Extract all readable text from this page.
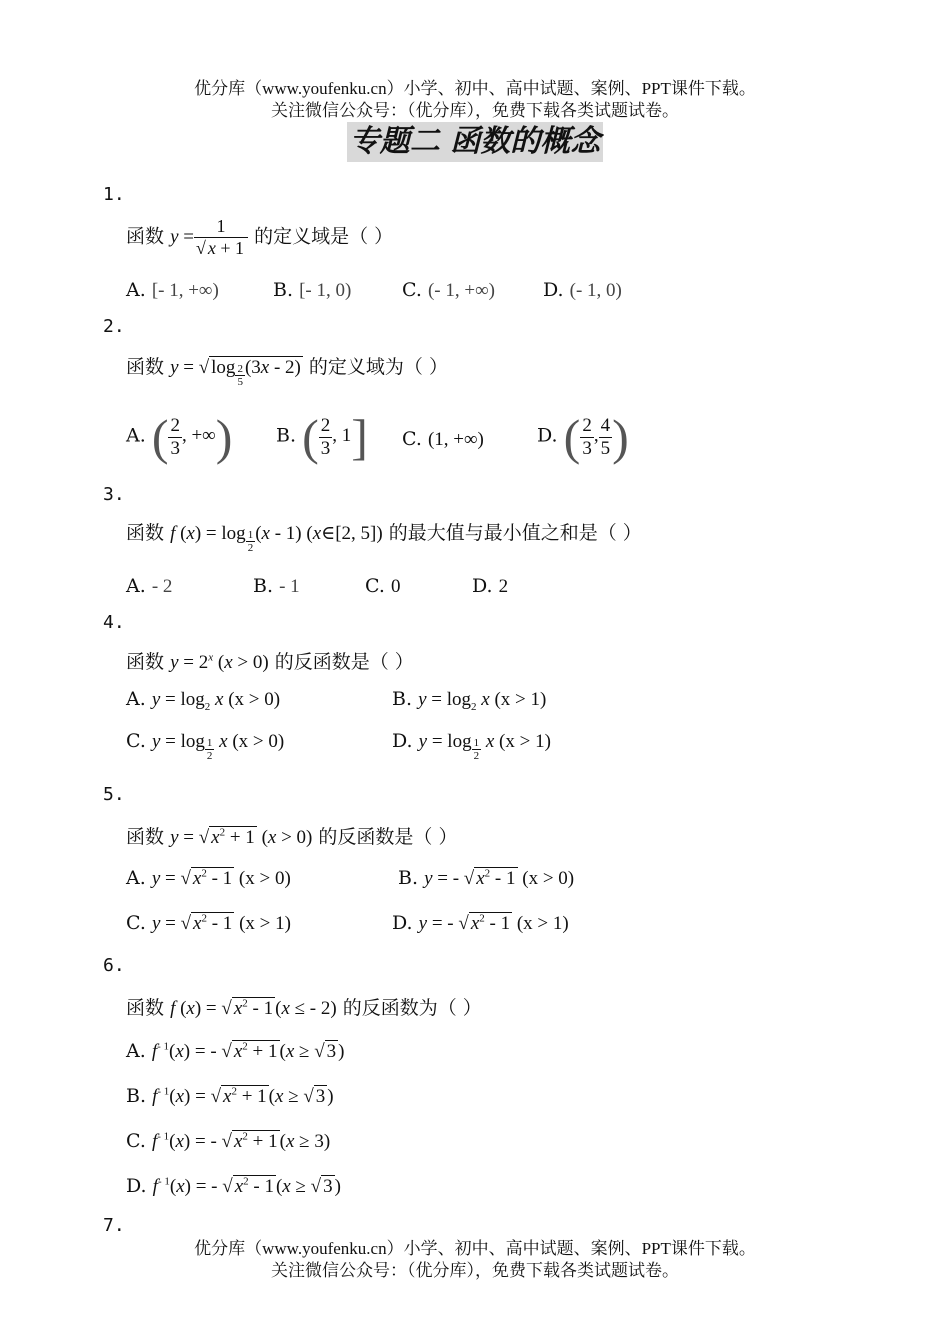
优分库（www.youfenku.cn）小学、初中、高中试题、案例、PPT课件下载。
关注微信公众号：（优分库），免费下载各类试题试卷。
专题二 函数的概念
1.
函数 $y = \frac{1}{√ x + 1}$ 的定义域是（ ）
A. [- 1, +∞)	B. [- 1, 0)	C. (- 1, +∞)	D. (- 1, 0)
2.
函数 y = √ log $_{\frac{2}{5}}$ (3x - 2) 的定义域为（ ）
A. ( $\frac{2}{3}$ , +∞) B. ( $\frac{2}{3}$ , 1] C. (1, +∞)	D. ( $\frac{2}{3}$ , $\frac{4}{5}$ )
3.
函数 f (x) = log $_{\frac{1}{2}}$ (x - 1) (x∈[2, 5]) 的最大值与最小值之和是（ ）
A. - 2	B. - 1	C. 0	D. 2
4.
函数 $y = 2^x$ (x > 0) 的反函数是（ ）
A. $y = \log_2 x$ (x > 0)	B. $y = \log_2 x$ (x > 1)
C. y = log $_{\frac{1}{2}}$ x (x > 0)	D. y = log $_{\frac{1}{2}}$ x (x > 1)
5.
函数 y = √ $x^2 + 1$ (x > 0) 的反函数是（ ）
A. y = √ $x^2 - 1$ (x > 0)	B. y = - √ $x^2 - 1$ (x > 0)
C. y = √ $x^2 - 1$ (x > 1)	D. y = - √ $x^2 - 1$ (x > 1)
6.
函数 f (x) = √ $x^2 - 1$ (x ≤ - 2) 的反函数为（ ）
A. $f^{- 1}(x)$ = - √ $x^2 + 1$ (x ≥ √ 3 )
B. $f^{- 1}(x)$ = √ $x^2 + 1$ (x ≥ √ 3 )
C. $f^{- 1}(x)$ = - √ $x^2 + 1$ (x ≥ 3)
D. $f^{- 1}(x)$ = - √ $x^2 - 1$ (x ≥ √ 3 )
7.
优分库（www.youfenku.cn）小学、初中、高中试题、案例、PPT课件下载。
关注微信公众号：（优分库），免费下载各类试题试卷。
